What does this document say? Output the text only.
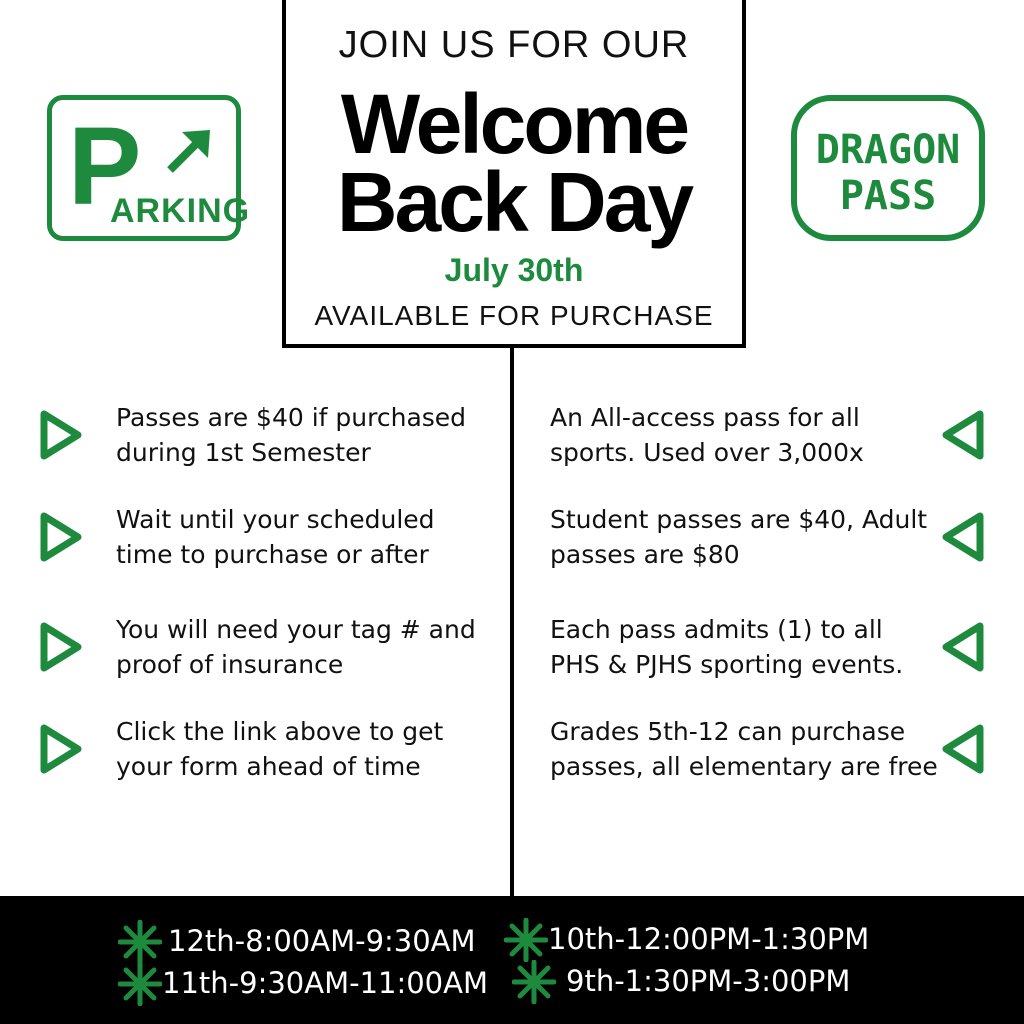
P
ARKING
JOIN US FOR OUR
Welcome
Back Day
July 30th
AVAILABLE FOR PURCHASE
DRAGON
PASS
Passes are $40 if purchased
during 1st Semester
Wait until your scheduled
time to purchase or after
You will need your tag # and
proof of insurance
Click the link above to get
your form ahead of time
An All-access pass for all
sports. Used over 3,000x
Student passes are $40, Adult
passes are $80
Each pass admits (1) to all
PHS & PJHS sporting events.
Grades 5th-12 can purchase
passes, all elementary are free
12th-8:00AM-9:30AM 10th-12:00PM-1:30PM
11th-9:30AM-11:00AM	9th-1:30PM-3:00PM
